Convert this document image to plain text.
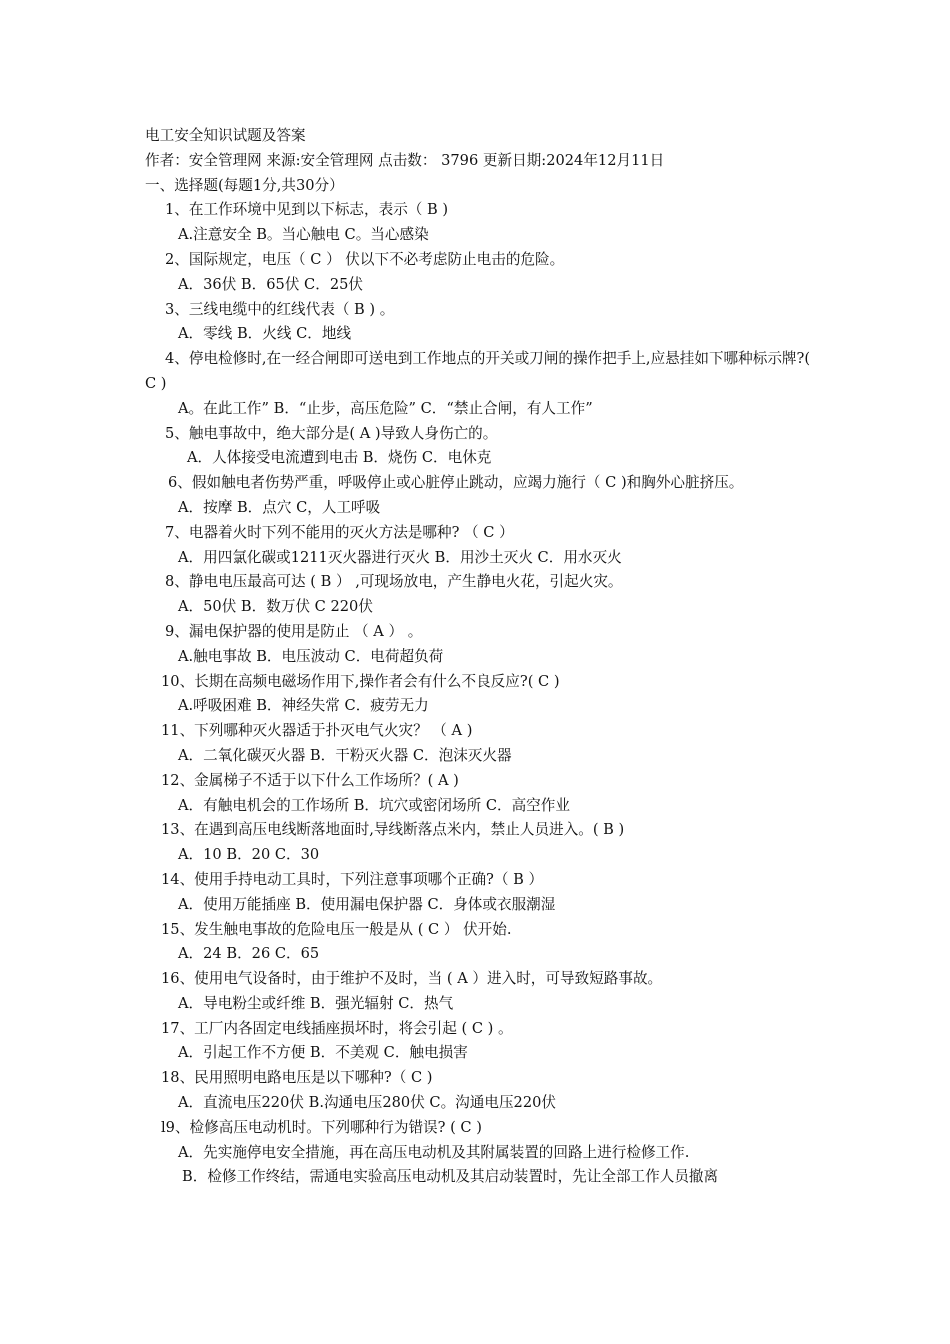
电工安全知识试题及答案
作者：安全管理网 来源:安全管理网 点击数： 3796 更新日期:2024年12月11日
一、选择题(每题1分,共30分）
1、在工作环境中见到以下标志，表示（ B )
A.注意安全 B。当心触电 C。当心感染
2、国际规定，电压（ C ） 伏以下不必考虑防止电击的危险。
A．36伏 B．65伏 C．25伏
3、三线电缆中的红线代表（ B ) 。
A．零线 B．火线 C．地线
4、停电检修时,在一经合闸即可送电到工作地点的开关或刀闸的操作把手上,应悬挂如下哪种标示牌?( C )
A。在此工作” B．“止步，高压危险” C．“禁止合闸，有人工作”
5、触电事故中，绝大部分是( A )导致人身伤亡的。
A．人体接受电流遭到电击 B．烧伤 C．电休克
6、假如触电者伤势严重，呼吸停止或心脏停止跳动，应竭力施行（ C )和胸外心脏挤压。
A．按摩 B．点穴 C，人工呼吸
7、电器着火时下列不能用的灭火方法是哪种? （ C ）
A．用四氯化碳或1211灭火器进行灭火 B．用沙土灭火 C．用水灭火
8、静电电压最高可达 ( B ） ,可现场放电，产生静电火花，引起火灾。
A．50伏 B．数万伏 C 220伏
9、漏电保护器的使用是防止 （ A ） 。
A.触电事故 B．电压波动 C．电荷超负荷
10、长期在高频电磁场作用下,操作者会有什么不良反应?( C )
A.呼吸困难 B．神经失常 C．疲劳无力
11、下列哪种灭火器适于扑灭电气火灾？ （ A )
A．二氧化碳灭火器 B．干粉灭火器 C．泡沫灭火器
12、金属梯子不适于以下什么工作场所？( A )
A．有触电机会的工作场所 B．坑穴或密闭场所 C．高空作业
13、在遇到高压电线断落地面时,导线断落点米内，禁止人员进入。( B )
A．10 B．20 C．30
14、使用手持电动工具时，下列注意事项哪个正确?（ B ）
A．使用万能插座 B．使用漏电保护器 C．身体或衣服潮湿
15、发生触电事故的危险电压一般是从 ( C ） 伏开始.
A．24 B．26 C．65
16、使用电气设备时，由于维护不及时，当 ( A ）进入时，可导致短路事故。
A．导电粉尘或纤维 B．强光辐射 C．热气
17、工厂内各固定电线插座损坏时，将会引起 ( C ) 。
A．引起工作不方便 B．不美观 C．触电损害
18、民用照明电路电压是以下哪种?（ C )
A．直流电压220伏 B.沟通电压280伏 C。沟通电压220伏
l9、检修高压电动机时。下列哪种行为错误? ( C )
A．先实施停电安全措施，再在高压电动机及其附属装置的回路上进行检修工作.
B．检修工作终结，需通电实验高压电动机及其启动装置时，先让全部工作人员撤离
